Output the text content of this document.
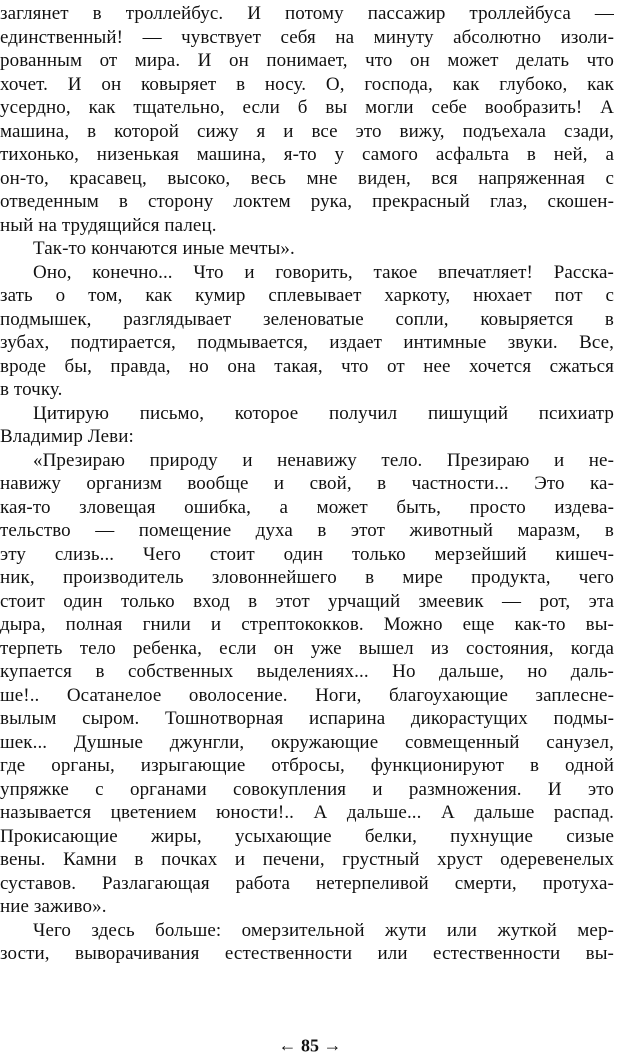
заглянет в троллейбус. И потому пассажир троллейбуса —
единственный! — чувствует себя на минуту абсолютно изоли-
рованным от мира. И он понимает, что он может делать что
хочет. И он ковыряет в носу. О, господа, как глубоко, как
усердно, как тщательно, если б вы могли себе вообразить! А
машина, в которой сижу я и все это вижу, подъехала сзади,
тихонько, низенькая машина, я-то у самого асфальта в ней, а
он-то, красавец, высоко, весь мне виден, вся напряженная с
отведенным в сторону локтем рука, прекрасный глаз, скошен-
ный на трудящийся палец.
Так-то кончаются иные мечты».
Оно, конечно... Что и говорить, такое впечатляет! Расска-
зать о том, как кумир сплевывает харкоту, нюхает пот с
подмышек, разглядывает зеленоватые сопли, ковыряется в
зубах, подтирается, подмывается, издает интимные звуки. Все,
вроде бы, правда, но она такая, что от нее хочется сжаться
в точку.
Цитирую письмо, которое получил пишущий психиатр
Владимир Леви:
«Презираю природу и ненавижу тело. Презираю и не-
навижу организм вообще и свой, в частности... Это ка-
кая-то зловещая ошибка, а может быть, просто издева-
тельство — помещение духа в этот животный маразм, в
эту слизь... Чего стоит один только мерзейший кишеч-
ник, производитель зловоннейшего в мире продукта, чего
стоит один только вход в этот урчащий змеевик — рот, эта
дыра, полная гнили и стрептококков. Можно еще как-то вы-
терпеть тело ребенка, если он уже вышел из состояния, когда
купается в собственных выделениях... Но дальше, но даль-
ше!.. Осатанелое оволосение. Ноги, благоухающие заплесне-
вылым сыром. Тошнотворная испарина дикорастущих подмы-
шек... Душные джунгли, окружающие совмещенный санузел,
где органы, изрыгающие отбросы, функционируют в одной
упряжке с органами совокупления и размножения. И это
называется цветением юности!.. А дальше... А дальше распад.
Прокисающие жиры, усыхающие белки, пухнущие сизые
вены. Камни в почках и печени, грустный хруст одеревенелых
суставов. Разлагающая работа нетерпеливой смерти, протуха-
ние заживо».
Чего здесь больше: омерзительной жути или жуткой мер-
зости, выворачивания естественности или естественности вы-
← 85 →
